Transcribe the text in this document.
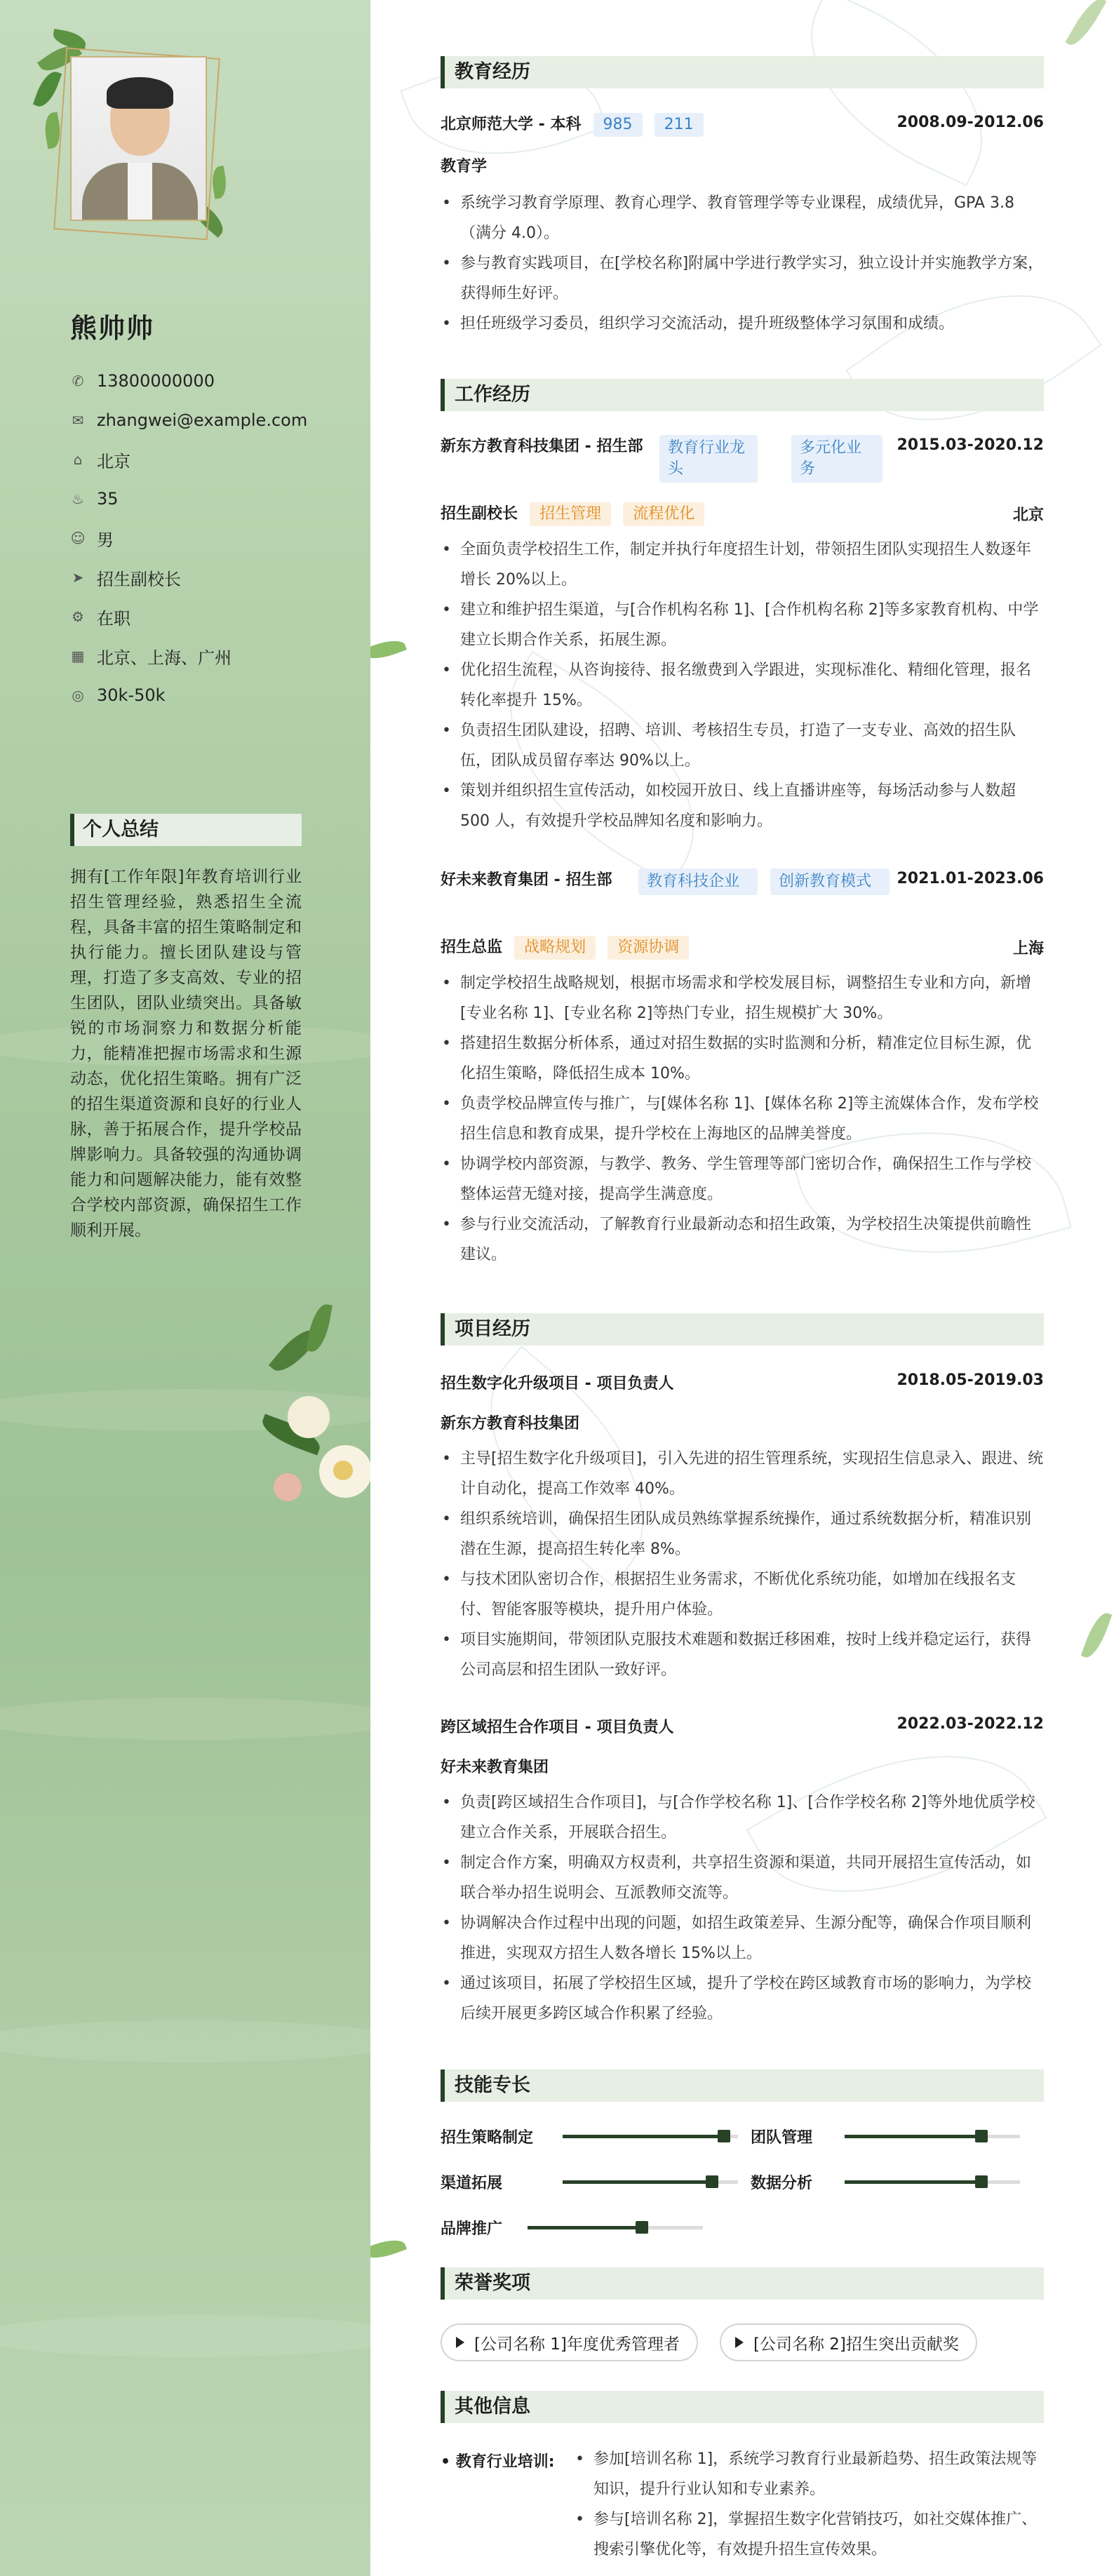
熊帅帅
✆ 13800000000
✉ zhangwei@example.com
⌂ 北京
♨ 35
☺ 男
➤ 招生副校长
⚙ 在职
▦ 北京、上海、广州
◎ 30k-50k
个人总结
拥有[工作年限]年教育培训行业招生管理经验，熟悉招生全流程，具备丰富的招生策略制定和执行能力。擅长团队建设与管理，打造了多支高效、专业的招生团队，团队业绩突出。具备敏锐的市场洞察力和数据分析能力，能精准把握市场需求和生源动态，优化招生策略。拥有广泛的招生渠道资源和良好的行业人脉，善于拓展合作，提升学校品牌影响力。具备较强的沟通协调能力和问题解决能力，能有效整合学校内部资源，确保招生工作顺利开展。
教育经历
北京师范大学 - 本科 985 211	2008.09-2012.06
教育学
• 系统学习教育学原理、教育心理学、教育管理学等专业课程，成绩优异，GPA 3.8（满分 4.0）。
• 参与教育实践项目，在[学校名称]附属中学进行教学实习，独立设计并实施教学方案，获得师生好评。
• 担任班级学习委员，组织学习交流活动，提升班级整体学习氛围和成绩。
工作经历
新东方教育科技集团 - 招生部	教育行业龙头
多元化业务
2015.03-2020.12
招生副校长 招生管理 流程优化	北京
• 全面负责学校招生工作，制定并执行年度招生计划，带领招生团队实现招生人数逐年增长 20%以上。
• 建立和维护招生渠道，与[合作机构名称 1]、[合作机构名称 2]等多家教育机构、中学建立长期合作关系，拓展生源。
• 优化招生流程，从咨询接待、报名缴费到入学跟进，实现标准化、精细化管理，报名转化率提升 15%。
• 负责招生团队建设，招聘、培训、考核招生专员，打造了一支专业、高效的招生队伍，团队成员留存率达 90%以上。
• 策划并组织招生宣传活动，如校园开放日、线上直播讲座等，每场活动参与人数超 500 人，有效提升学校品牌知名度和影响力。
好未来教育集团 - 招生部	教育科技企业	创新教育模式	2021.01-2023.06
招生总监 战略规划 资源协调	上海
• 制定学校招生战略规划，根据市场需求和学校发展目标，调整招生专业和方向，新增[专业名称 1]、[专业名称 2]等热门专业，招生规模扩大 30%。
• 搭建招生数据分析体系，通过对招生数据的实时监测和分析，精准定位目标生源，优化招生策略，降低招生成本 10%。
• 负责学校品牌宣传与推广，与[媒体名称 1]、[媒体名称 2]等主流媒体合作，发布学校招生信息和教育成果，提升学校在上海地区的品牌美誉度。
• 协调学校内部资源，与教学、教务、学生管理等部门密切合作，确保招生工作与学校整体运营无缝对接，提高学生满意度。
• 参与行业交流活动，了解教育行业最新动态和招生政策，为学校招生决策提供前瞻性建议。
项目经历
招生数字化升级项目 - 项目负责人	2018.05-2019.03
新东方教育科技集团
• 主导[招生数字化升级项目]，引入先进的招生管理系统，实现招生信息录入、跟进、统计自动化，提高工作效率 40%。
• 组织系统培训，确保招生团队成员熟练掌握系统操作，通过系统数据分析，精准识别潜在生源，提高招生转化率 8%。
• 与技术团队密切合作，根据招生业务需求，不断优化系统功能，如增加在线报名支付、智能客服等模块，提升用户体验。
• 项目实施期间，带领团队克服技术难题和数据迁移困难，按时上线并稳定运行，获得公司高层和招生团队一致好评。
跨区域招生合作项目 - 项目负责人	2022.03-2022.12
好未来教育集团
• 负责[跨区域招生合作项目]，与[合作学校名称 1]、[合作学校名称 2]等外地优质学校建立合作关系，开展联合招生。
• 制定合作方案，明确双方权责利，共享招生资源和渠道，共同开展招生宣传活动，如联合举办招生说明会、互派教师交流等。
• 协调解决合作过程中出现的问题，如招生政策差异、生源分配等，确保合作项目顺利推进，实现双方招生人数各增长 15%以上。
• 通过该项目，拓展了学校招生区域，提升了学校在跨区域教育市场的影响力，为学校后续开展更多跨区域合作积累了经验。
技能专长
招生策略制定	团队管理
渠道拓展	数据分析
品牌推广
荣誉奖项
[公司名称 1]年度优秀管理者	[公司名称 2]招生突出贡献奖
其他信息
• 教育行业培训:
•	参加[培训名称 1]，系统学习教育行业最新趋势、招生政策法规等知识，提升行业认知和专业素养。
• 参与[培训名称 2]，掌握招生数字化营销技巧，如社交媒体推广、搜索引擎优化等，有效提升招生宣传效果。
